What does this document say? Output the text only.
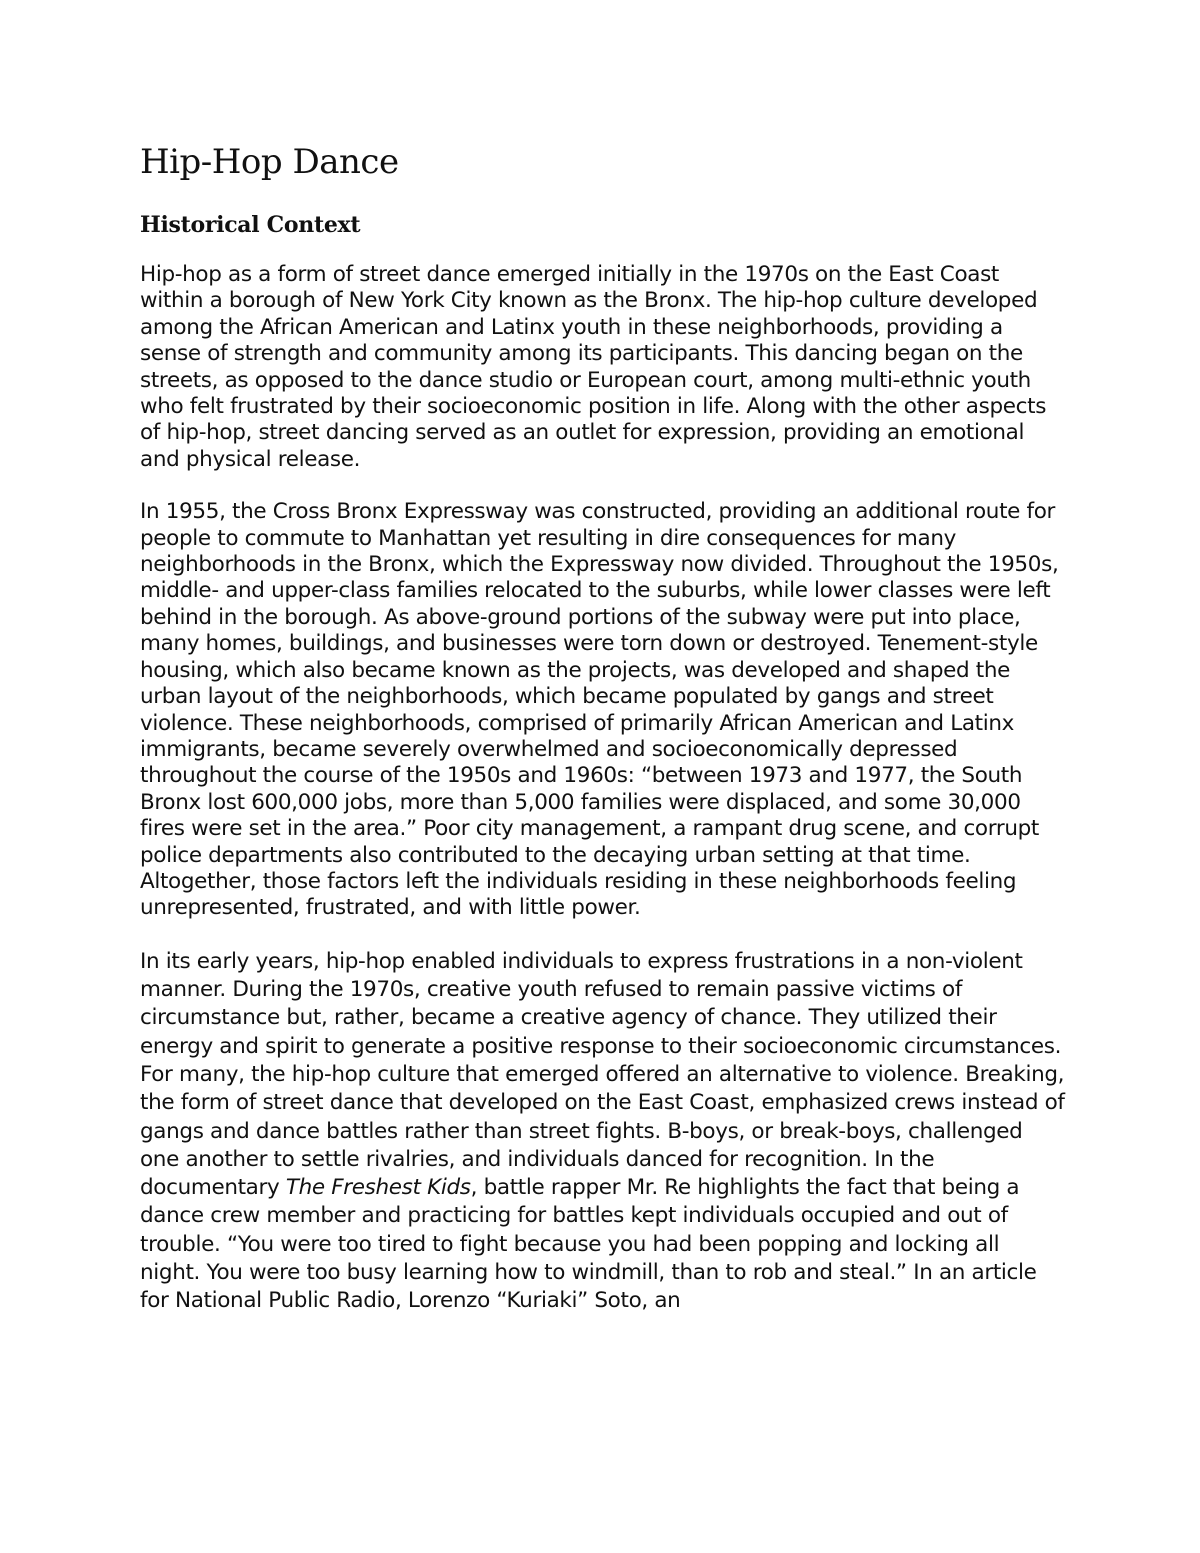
Hip-Hop Dance
Historical Context

Hip-hop as a form of street dance emerged initially in the 1970s on the East Coast within a borough of New York City known as the Bronx. The hip-hop culture developed among the African American and Latinx youth in these neighborhoods, providing a sense of strength and community among its participants. This dancing began on the streets, as opposed to the dance studio or European court, among multi-ethnic youth who felt frustrated by their socioeconomic position in life. Along with the other aspects of hip-hop, street dancing served as an outlet for expression, providing an emotional and physical release.

In 1955, the Cross Bronx Expressway was constructed, providing an additional route for people to commute to Manhattan yet resulting in dire consequences for many neighborhoods in the Bronx, which the Expressway now divided. Throughout the 1950s, middle- and upper-class families relocated to the suburbs, while lower classes were left behind in the borough. As above-ground portions of the subway were put into place, many homes, buildings, and businesses were torn down or destroyed. Tenement-style housing, which also became known as the projects, was developed and shaped the urban layout of the neighborhoods, which became populated by gangs and street violence. These neighborhoods, comprised of primarily African American and Latinx immigrants, became severely overwhelmed and socioeconomically depressed throughout the course of the 1950s and 1960s: “between 1973 and 1977, the South Bronx lost 600,000 jobs, more than 5,000 families were displaced, and some 30,000 fires were set in the area.” Poor city management, a rampant drug scene, and corrupt police departments also contributed to the decaying urban setting at that time. Altogether, those factors left the individuals residing in these neighborhoods feeling unrepresented, frustrated, and with little power.

In its early years, hip-hop enabled individuals to express frustrations in a non-violent manner. During the 1970s, creative youth refused to remain passive victims of circumstance but, rather, became a creative agency of chance. They utilized their energy and spirit to generate a positive response to their socioeconomic circumstances. For many, the hip-hop culture that emerged offered an alternative to violence. Breaking, the form of street dance that developed on the East Coast, emphasized crews instead of gangs and dance battles rather than street fights. B-boys, or break-boys, challenged one another to settle rivalries, and individuals danced for recognition. In the documentary The Freshest Kids, battle rapper Mr. Re highlights the fact that being a dance crew member and practicing for battles kept individuals occupied and out of trouble. “You were too tired to fight because you had been popping and locking all night. You were too busy learning how to windmill, than to rob and steal.” In an article for National Public Radio, Lorenzo “Kuriaki” Soto, an
